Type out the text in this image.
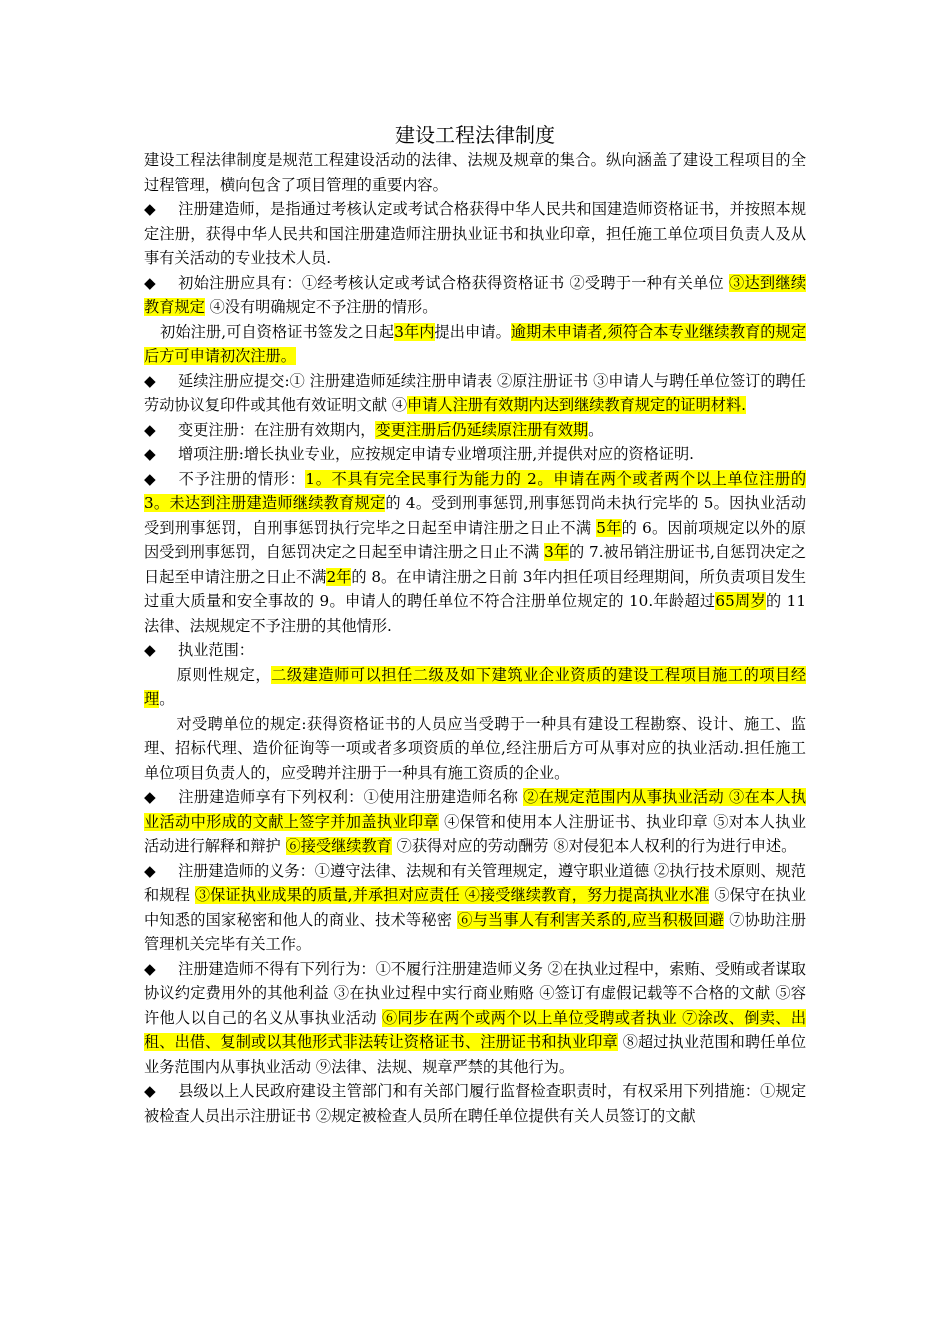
建设工程法律制度

建设工程法律制度是规范工程建设活动的法律、法规及规章的集合。纵向涵盖了建设工程项目的全过程管理，横向包含了项目管理的重要内容。

◆ 注册建造师，是指通过考核认定或考试合格获得中华人民共和国建造师资格证书，并按照本规定注册，获得中华人民共和国注册建造师注册执业证书和执业印章，担任施工单位项目负责人及从事有关活动的专业技术人员.

◆ 初始注册应具有：①经考核认定或考试合格获得资格证书 ②受聘于一种有关单位 ③达到继续教育规定 ④没有明确规定不予注册的情形。

初始注册,可自资格证书签发之日起3年内提出申请。逾期未申请者,须符合本专业继续教育的规定后方可申请初次注册。

◆ 延续注册应提交:① 注册建造师延续注册申请表 ②原注册证书 ③申请人与聘任单位签订的聘任劳动协议复印件或其他有效证明文献 ④申请人注册有效期内达到继续教育规定的证明材料.

◆ 变更注册：在注册有效期内，变更注册后仍延续原注册有效期。

◆ 增项注册:增长执业专业，应按规定申请专业增项注册,并提供对应的资格证明.

◆ 不予注册的情形：1。不具有完全民事行为能力的 2。申请在两个或者两个以上单位注册的 3。未达到注册建造师继续教育规定的 4。受到刑事惩罚,刑事惩罚尚未执行完毕的 5。因执业活动受到刑事惩罚，自刑事惩罚执行完毕之日起至申请注册之日止不满 5年的 6。因前项规定以外的原因受到刑事惩罚，自惩罚决定之日起至申请注册之日止不满 3年的 7.被吊销注册证书,自惩罚决定之日起至申请注册之日止不满2年的 8。在申请注册之日前 3年内担任项目经理期间，所负责项目发生过重大质量和安全事故的 9。申请人的聘任单位不符合注册单位规定的 10.年龄超过65周岁的 11法律、法规规定不予注册的其他情形.

◆ 执业范围：

原则性规定，二级建造师可以担任二级及如下建筑业企业资质的建设工程项目施工的项目经理。

对受聘单位的规定:获得资格证书的人员应当受聘于一种具有建设工程勘察、设计、施工、监理、招标代理、造价征询等一项或者多项资质的单位,经注册后方可从事对应的执业活动.担任施工单位项目负责人的，应受聘并注册于一种具有施工资质的企业。

◆ 注册建造师享有下列权利：①使用注册建造师名称 ②在规定范围内从事执业活动 ③在本人执业活动中形成的文献上签字并加盖执业印章 ④保管和使用本人注册证书、执业印章 ⑤对本人执业活动进行解释和辩护 ⑥接受继续教育 ⑦获得对应的劳动酬劳 ⑧对侵犯本人权利的行为进行申述。

◆ 注册建造师的义务：①遵守法律、法规和有关管理规定，遵守职业道德 ②执行技术原则、规范和规程 ③保证执业成果的质量,并承担对应责任 ④接受继续教育，努力提高执业水准 ⑤保守在执业中知悉的国家秘密和他人的商业、技术等秘密 ⑥与当事人有利害关系的,应当积极回避 ⑦协助注册管理机关完毕有关工作。

◆ 注册建造师不得有下列行为：①不履行注册建造师义务 ②在执业过程中，索贿、受贿或者谋取协议约定费用外的其他利益 ③在执业过程中实行商业贿赂 ④签订有虚假记载等不合格的文献 ⑤容许他人以自己的名义从事执业活动 ⑥同步在两个或两个以上单位受聘或者执业 ⑦涂改、倒卖、出租、出借、复制或以其他形式非法转让资格证书、注册证书和执业印章 ⑧超过执业范围和聘任单位业务范围内从事执业活动 ⑨法律、法规、规章严禁的其他行为。

◆ 县级以上人民政府建设主管部门和有关部门履行监督检查职责时，有权采用下列措施：①规定被检查人员出示注册证书 ②规定被检查人员所在聘任单位提供有关人员签订的文献
